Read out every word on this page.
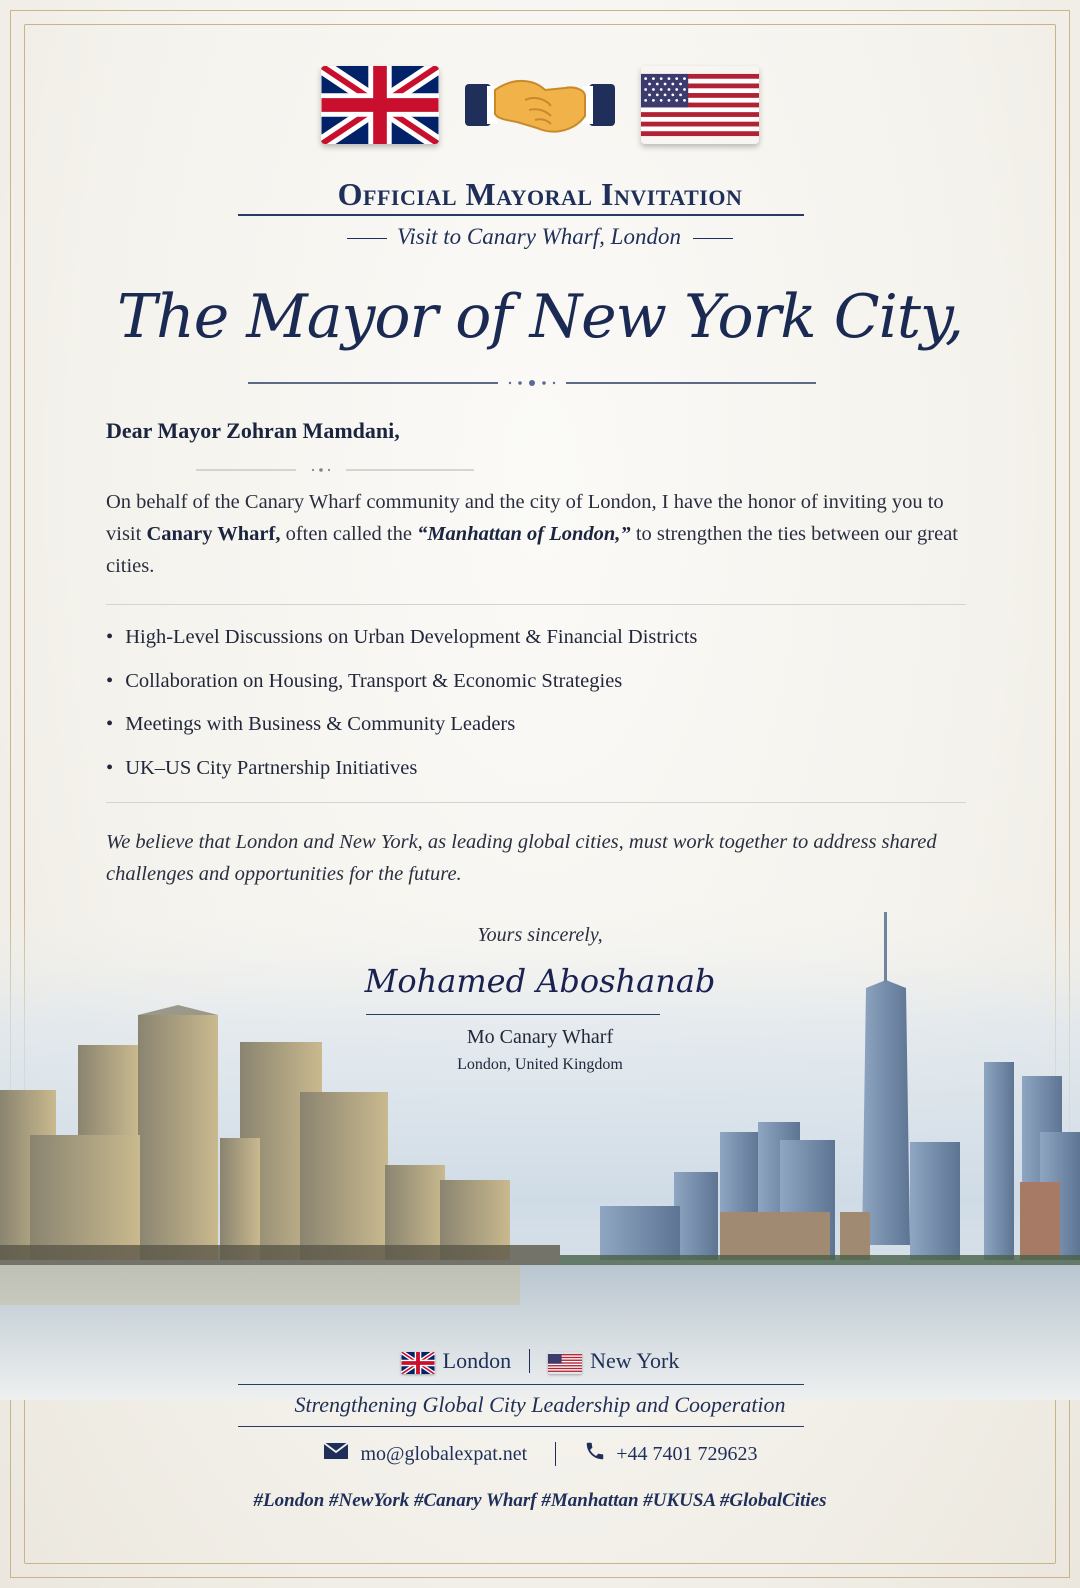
Official Mayoral Invitation
Visit to Canary Wharf, London
The Mayor of New York City,
Dear Mayor Zohran Mamdani,
On behalf of the Canary Wharf community and the city of London, I have the honor of inviting you to visit Canary Wharf, often called the “Manhattan of London,” to strengthen the ties between our great cities.
• High-Level Discussions on Urban Development & Financial Districts
• Collaboration on Housing, Transport & Economic Strategies
• Meetings with Business & Community Leaders
• UK–US City Partnership Initiatives
We believe that London and New York, as leading global cities, must work together to address shared challenges and opportunities for the future.
Yours sincerely,
Mohamed Aboshanab
Mo Canary Wharf
London, United Kingdom
London	New York
Strengthening Global City Leadership and Cooperation
mo@globalexpat.net	+44 7401 729623
#London #NewYork #Canary Wharf #Manhattan #UKUSA #GlobalCities
